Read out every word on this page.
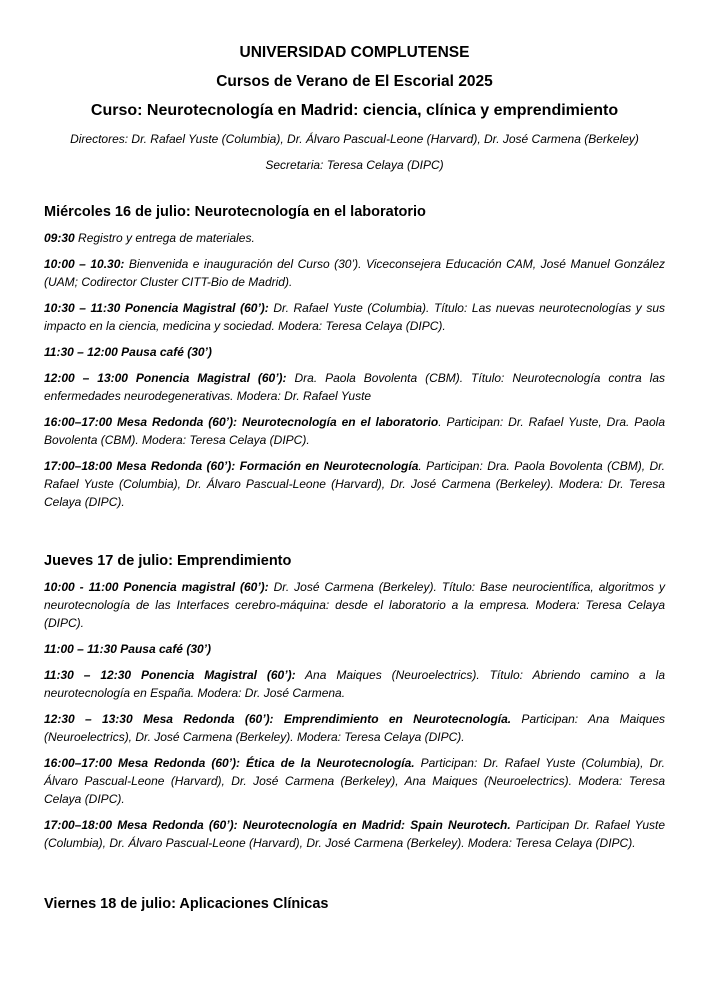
UNIVERSIDAD COMPLUTENSE
Cursos de Verano de El Escorial 2025
Curso: Neurotecnología en Madrid: ciencia, clínica y emprendimiento
Directores: Dr. Rafael Yuste (Columbia), Dr. Álvaro Pascual-Leone (Harvard), Dr. José Carmena (Berkeley)
Secretaria: Teresa Celaya (DIPC)
Miércoles 16 de julio: Neurotecnología en el laboratorio

09:30 Registro y entrega de materiales.

10:00 – 10.30: Bienvenida e inauguración del Curso (30’). Viceconsejera Educación CAM, José Manuel González (UAM; Codirector Cluster CITT-Bio de Madrid).

10:30 – 11:30 Ponencia Magistral (60’): Dr. Rafael Yuste (Columbia). Título: Las nuevas neurotecnologías y sus impacto en la ciencia, medicina y sociedad. Modera: Teresa Celaya (DIPC).

11:30 – 12:00 Pausa café (30’)

12:00 – 13:00 Ponencia Magistral (60’): Dra. Paola Bovolenta (CBM). Título: Neurotecnología contra las enfermedades neurodegenerativas. Modera: Dr. Rafael Yuste

16:00–17:00 Mesa Redonda (60’): Neurotecnología en el laboratorio. Participan: Dr. Rafael Yuste, Dra. Paola Bovolenta (CBM). Modera: Teresa Celaya (DIPC).

17:00–18:00 Mesa Redonda (60’): Formación en Neurotecnología. Participan: Dra. Paola Bovolenta (CBM), Dr. Rafael Yuste (Columbia), Dr. Álvaro Pascual-Leone (Harvard), Dr. José Carmena (Berkeley). Modera: Dr. Teresa Celaya (DIPC).

Jueves 17 de julio: Emprendimiento

10:00 - 11:00 Ponencia magistral (60’): Dr. José Carmena (Berkeley). Título: Base neurocientífica, algoritmos y neurotecnología de las Interfaces cerebro-máquina: desde el laboratorio a la empresa. Modera: Teresa Celaya (DIPC).

11:00 – 11:30 Pausa café (30’)

11:30 – 12:30 Ponencia Magistral (60’): Ana Maiques (Neuroelectrics). Título: Abriendo camino a la neurotecnología en España. Modera: Dr. José Carmena.

12:30 – 13:30 Mesa Redonda (60’): Emprendimiento en Neurotecnología. Participan: Ana Maiques (Neuroelectrics), Dr. José Carmena (Berkeley). Modera: Teresa Celaya (DIPC).

16:00–17:00 Mesa Redonda (60’): Ética de la Neurotecnología. Participan: Dr. Rafael Yuste (Columbia), Dr. Álvaro Pascual-Leone (Harvard), Dr. José Carmena (Berkeley), Ana Maiques (Neuroelectrics). Modera: Teresa Celaya (DIPC).

17:00–18:00 Mesa Redonda (60’): Neurotecnología en Madrid: Spain Neurotech. Participan Dr. Rafael Yuste (Columbia), Dr. Álvaro Pascual-Leone (Harvard), Dr. José Carmena (Berkeley). Modera: Teresa Celaya (DIPC).

Viernes 18 de julio: Aplicaciones Clínicas
